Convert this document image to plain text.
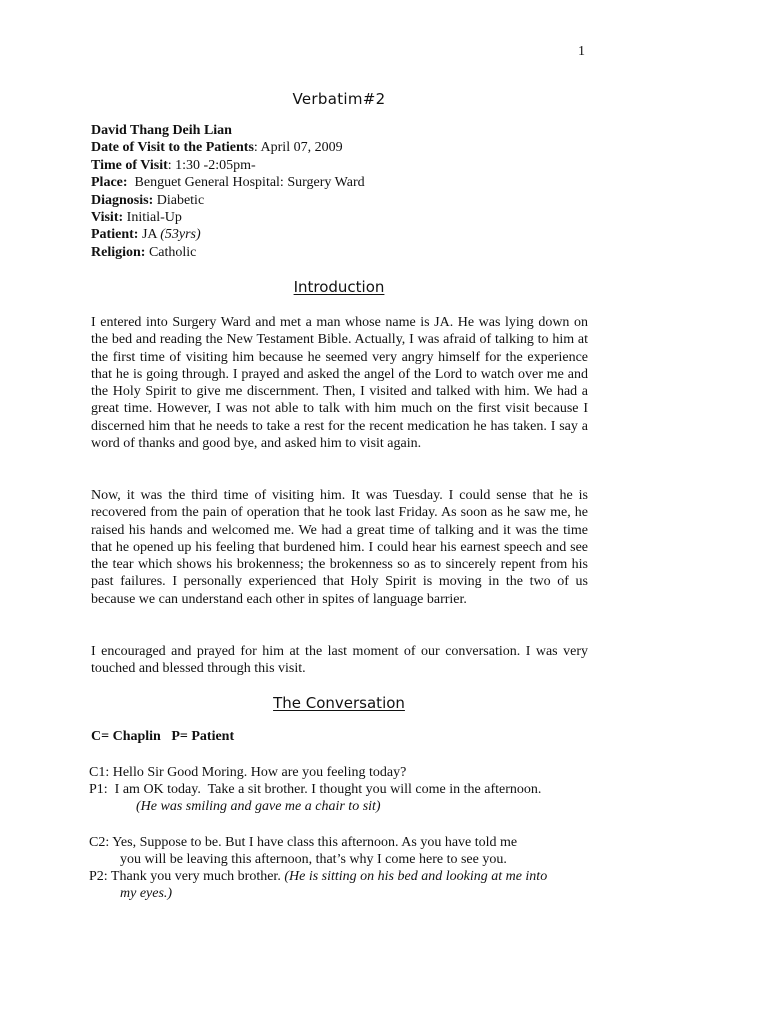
1
Verbatim#2
David Thang Deih Lian
Date of Visit to the Patients: April 07, 2009
Time of Visit: 1:30 -2:05pm-
Place:  Benguet General Hospital: Surgery Ward
Diagnosis: Diabetic
Visit: Initial-Up
Patient: JA (53yrs)
Religion: Catholic
Introduction

I entered into Surgery Ward and met a man whose name is JA. He was lying down on the bed and reading the New Testament Bible. Actually, I was afraid of talking to him at the first time of visiting him because he seemed very angry himself for the experience that he is going through. I prayed and asked the angel of the Lord to watch over me and the Holy Spirit to give me discernment. Then, I visited and talked with him. We had a great time. However, I was not able to talk with him much on the first visit because I discerned him that he needs to take a rest for the recent medication he has taken. I say a word of thanks and good bye, and asked him to visit again.

Now, it was the third time of visiting him. It was Tuesday. I could sense that he is recovered from the pain of operation that he took last Friday. As soon as he saw me, he raised his hands and welcomed me. We had a great time of talking and it was the time that he opened up his feeling that burdened him. I could hear his earnest speech and see the tear which shows his brokenness; the brokenness so as to sincerely repent from his past failures. I personally experienced that Holy Spirit is moving in the two of us because we can understand each other in spites of language barrier.

I encouraged and prayed for him at the last moment of our conversation. I was very touched and blessed through this visit.

The Conversation
C= Chaplin   P= Patient
C1: Hello Sir Good Moring. How are you feeling today?
P1:  I am OK today.  Take a sit brother. I thought you will come in the afternoon.
(He was smiling and gave me a chair to sit)
C2: Yes, Suppose to be. But I have class this afternoon. As you have told me
you will be leaving this afternoon, that’s why I come here to see you.
P2: Thank you very much brother. (He is sitting on his bed and looking at me into
my eyes.)
